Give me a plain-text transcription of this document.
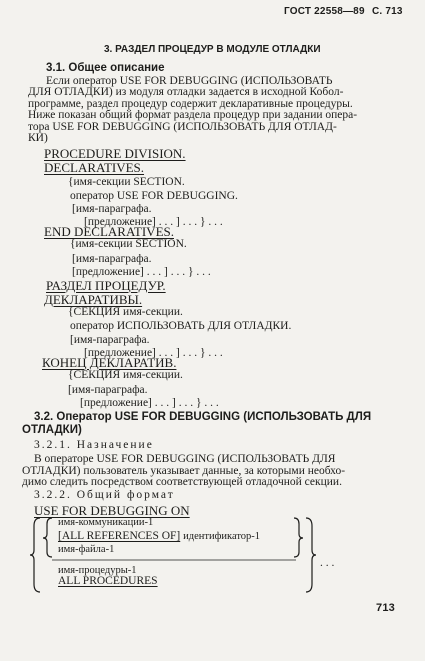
ГОСТ 22558—89 С. 713
3. РАЗДЕЛ ПРОЦЕДУР В МОДУЛЕ ОТЛАДКИ
3.1. Общее описание
Если оператор USE FOR DEBUGGING (ИСПОЛЬЗОВАТЬ
ДЛЯ ОТЛАДКИ) из модуля отладки задается в исходной Кобол-
программе, раздел процедур содержит декларативные процедуры.
Ниже показан общий формат раздела процедур при задании опера-
тора USE FOR DEBUGGING (ИСПОЛЬЗОВАТЬ ДЛЯ ОТЛАД-
КИ)
PROCEDURE DIVISION.
DECLARATIVES.
{имя-секции SECTION.
оператор USE FOR DEBUGGING.
[имя-параграфа.
[предложение] . . . ] . . . } . . .
END DECLARATIVES.
{имя-секции SECTION.
[имя-параграфа.
[предложение] . . . ] . . . } . . .
РАЗДЕЛ ПРОЦЕДУР.
ДЕКЛАРАТИВЫ.
{СЕКЦИЯ имя-секции.
оператор ИСПОЛЬЗОВАТЬ ДЛЯ ОТЛАДКИ.
[имя-параграфа.
[предложение] . . . ] . . . } . . .
КОНЕЦ ДЕКЛАРАТИВ.
{СЕКЦИЯ имя-секции.
[имя-параграфа.
[предложение] . . . ] . . . } . . .
3.2. Оператор USE FOR DEBUGGING (ИСПОЛЬЗОВАТЬ ДЛЯ
ОТЛАДКИ)
3.2.1. Назначение
В операторе USE FOR DEBUGGING (ИСПОЛЬЗОВАТЬ ДЛЯ
ОТЛАДКИ) пользователь указывает данные, за которыми необхо-
димо следить посредством соответствующей отладочной секции.
3.2.2. Общий формат
USE FOR DEBUGGING ON
имя-коммуникации-1
[ALL REFERENCES OF] идентификатор-1
имя-файла-1
имя-процедуры-1
ALL PROCEDURES
. . .
713
